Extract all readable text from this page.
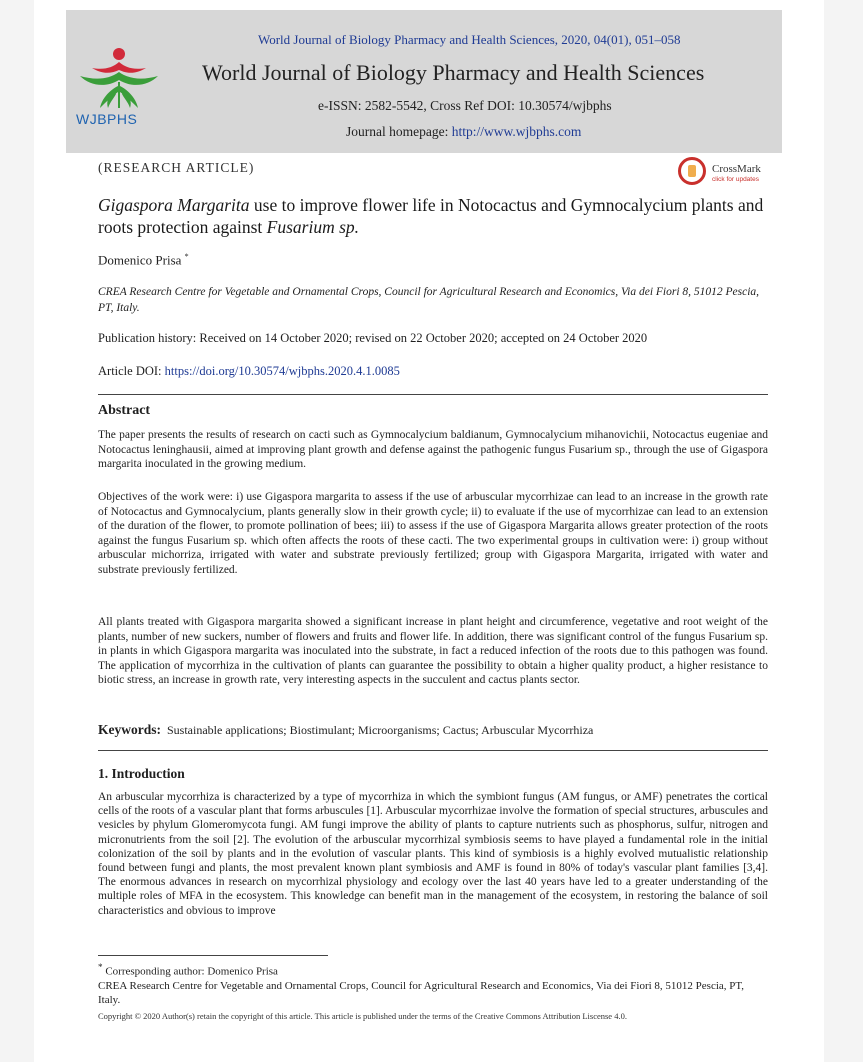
World Journal of Biology Pharmacy and Health Sciences, 2020, 04(01), 051–058
WJBPHS
World Journal of Biology Pharmacy and Health Sciences
e-ISSN: 2582-5542, Cross Ref DOI: 10.30574/wjbphs
Journal homepage: http://www.wjbphs.com
(RESEARCH ARTICLE)	CrossMark
click for updates
Gigaspora Margarita use to improve flower life in Notocactus and Gymnocalycium plants and roots protection against Fusarium sp.
Domenico Prisa *
CREA Research Centre for Vegetable and Ornamental Crops, Council for Agricultural Research and Economics, Via dei Fiori 8, 51012 Pescia, PT, Italy.
Publication history: Received on 14 October 2020; revised on 22 October 2020; accepted on 24 October 2020
Article DOI: https://doi.org/10.30574/wjbphs.2020.4.1.0085
Abstract
The paper presents the results of research on cacti such as Gymnocalycium baldianum, Gymnocalycium mihanovichii, Notocactus eugeniae and Notocactus leninghausii, aimed at improving plant growth and defense against the pathogenic fungus Fusarium sp., through the use of Gigaspora margarita inoculated in the growing medium.
Objectives of the work were: i) use Gigaspora margarita to assess if the use of arbuscular mycorrhizae can lead to an increase in the growth rate of Notocactus and Gymnocalycium, plants generally slow in their growth cycle; ii) to evaluate if the use of mycorrhizae can lead to an extension of the duration of the flower, to promote pollination of bees; iii) to assess if the use of Gigaspora Margarita allows greater protection of the roots against the fungus Fusarium sp. which often affects the roots of these cacti. The two experimental groups in cultivation were: i) group without arbuscular michorriza, irrigated with water and substrate previously fertilized; group with Gigaspora Margarita, irrigated with water and substrate previously fertilized.
All plants treated with Gigaspora margarita showed a significant increase in plant height and circumference, vegetative and root weight of the plants, number of new suckers, number of flowers and fruits and flower life. In addition, there was significant control of the fungus Fusarium sp. in plants in which Gigaspora margarita was inoculated into the substrate, in fact a reduced infection of the roots due to this pathogen was found. The application of mycorrhiza in the cultivation of plants can guarantee the possibility to obtain a higher quality product, a higher resistance to biotic stress, an increase in growth rate, very interesting aspects in the succulent and cactus plants sector.
Keywords: Sustainable applications; Biostimulant; Microorganisms; Cactus; Arbuscular Mycorrhiza
1. Introduction
An arbuscular mycorrhiza is characterized by a type of mycorrhiza in which the symbiont fungus (AM fungus, or AMF) penetrates the cortical cells of the roots of a vascular plant that forms arbuscules [1]. Arbuscular mycorrhizae involve the formation of special structures, arbuscules and vesicles by phylum Glomeromycota fungi. AM fungi improve the ability of plants to capture nutrients such as phosphorus, sulfur, nitrogen and micronutrients from the soil [2]. The evolution of the arbuscular mycorrhizal symbiosis seems to have played a fundamental role in the initial colonization of the soil by plants and in the evolution of vascular plants. This kind of symbiosis is a highly evolved mutualistic relationship found between fungi and plants, the most prevalent known plant symbiosis and AMF is found in 80% of today's vascular plant families [3,4]. The enormous advances in research on mycorrhizal physiology and ecology over the last 40 years have led to a greater understanding of the multiple roles of MFA in the ecosystem. This knowledge can benefit man in the management of the ecosystem, in restoring the balance of soil characteristics and obvious to improve
* Corresponding author: Domenico Prisa
CREA Research Centre for Vegetable and Ornamental Crops, Council for Agricultural Research and Economics, Via dei Fiori 8, 51012 Pescia, PT, Italy.
Copyright © 2020 Author(s) retain the copyright of this article. This article is published under the terms of the Creative Commons Attribution Liscense 4.0.
